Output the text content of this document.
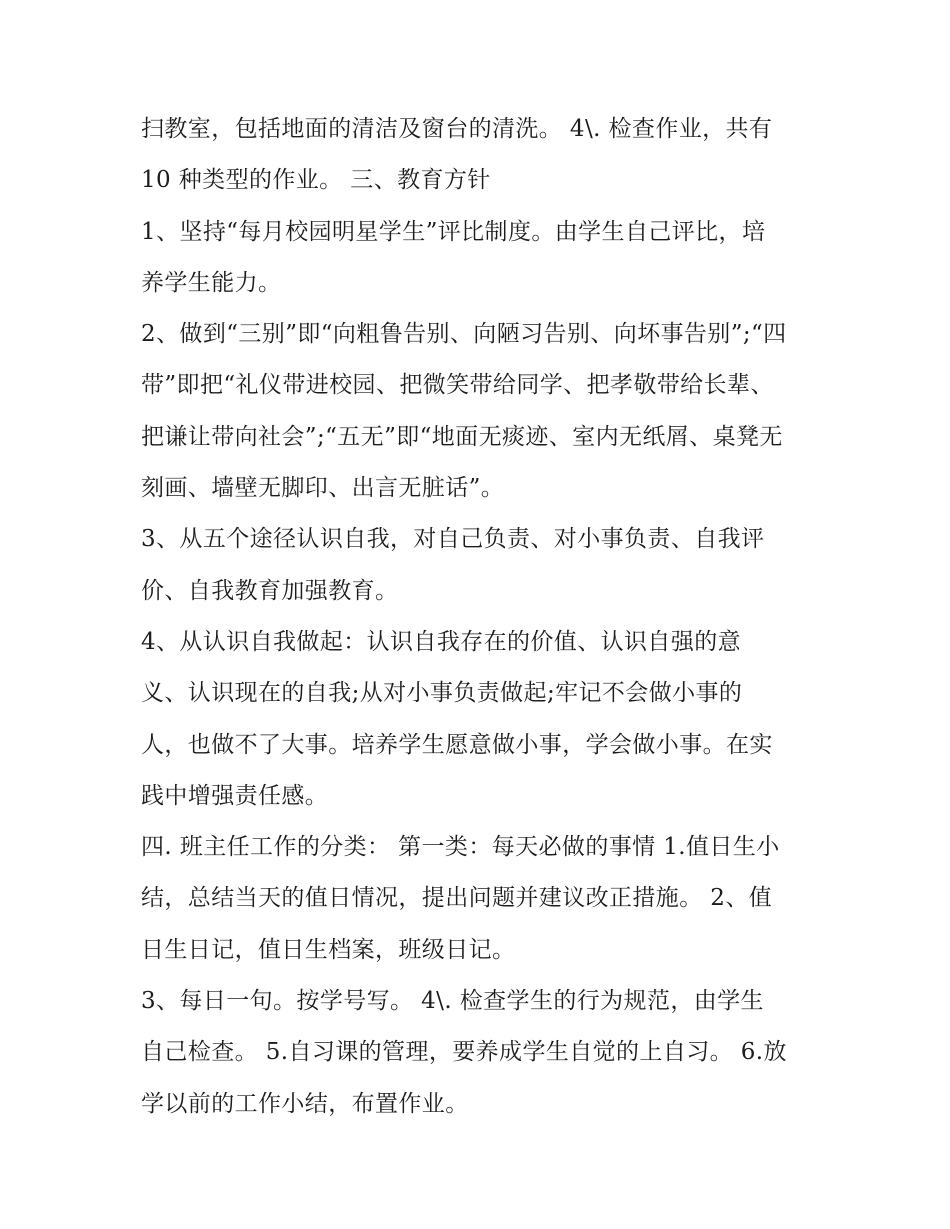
扫教室，包括地面的清洁及窗台的清洗。 4\. 检查作业，共有
10 种类型的作业。 三、教育方针
1、坚持“每月校园明星学生”评比制度。由学生自己评比，培
养学生能力。
2、做到“三别”即“向粗鲁告别、向陋习告别、向坏事告别”;“四
带”即把“礼仪带进校园、把微笑带给同学、把孝敬带给长辈、
把谦让带向社会”;“五无”即“地面无痰迹、室内无纸屑、桌凳无
刻画、墙壁无脚印、出言无脏话”。
3、从五个途径认识自我，对自己负责、对小事负责、自我评
价、自我教育加强教育。
4、从认识自我做起：认识自我存在的价值、认识自强的意
义、认识现在的自我;从对小事负责做起;牢记不会做小事的
人，也做不了大事。培养学生愿意做小事，学会做小事。在实
践中增强责任感。
四. 班主任工作的分类： 第一类：每天必做的事情 1.值日生小
结，总结当天的值日情况，提出问题并建议改正措施。 2、值
日生日记，值日生档案，班级日记。
3、每日一句。按学号写。 4\. 检查学生的行为规范，由学生
自己检查。 5.自习课的管理，要养成学生自觉的上自习。 6.放
学以前的工作小结，布置作业。
